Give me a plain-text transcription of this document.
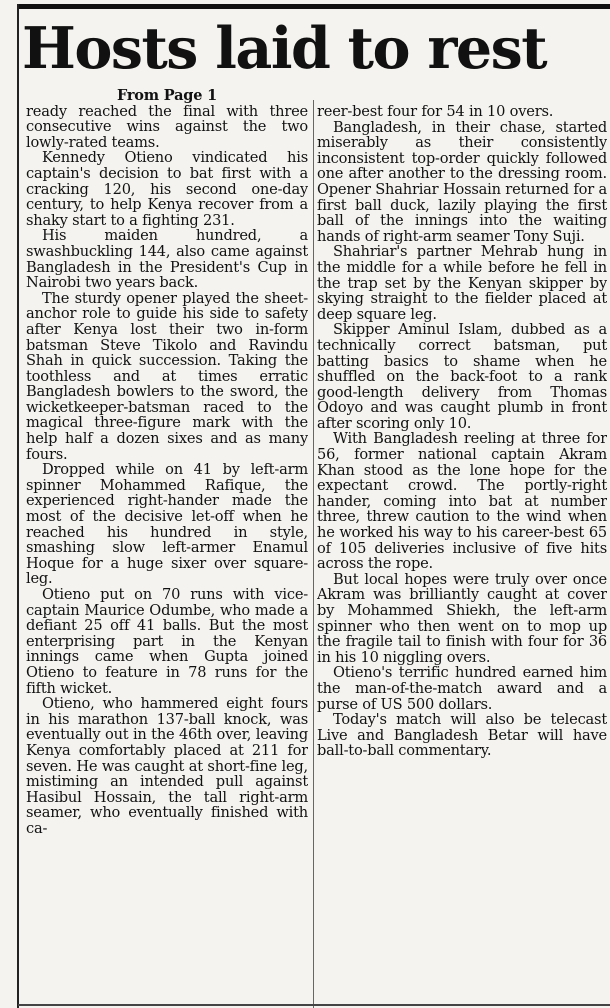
Hosts laid to rest
From Page 1

ready reached the final with three consecutive wins against the two lowly-rated teams.

Kennedy Otieno vindicated his captain's decision to bat first with a cracking 120, his second one-day century, to help Kenya recover from a shaky start to a fighting 231.

His maiden hundred, a swashbuckling 144, also came against Bangladesh in the President's Cup in Nairobi two years back.

The sturdy opener played the sheet-anchor role to guide his side to safety after Kenya lost their two in-form batsman Steve Tikolo and Ravindu Shah in quick succession. Taking the toothless and at times erratic Bangladesh bowlers to the sword, the wicketkeeper-batsman raced to the magical three-figure mark with the help half a dozen sixes and as many fours.

Dropped while on 41 by left-arm spinner Mohammed Rafique, the experienced right-hander made the most of the decisive let-off when he reached his hundred in style, smashing slow left-armer Enamul Hoque for a huge sixer over square-leg.

Otieno put on 70 runs with vice-captain Maurice Odumbe, who made a defiant 25 off 41 balls. But the most enterprising part in the Kenyan innings came when Gupta joined Otieno to feature in 78 runs for the fifth wicket.

Otieno, who hammered eight fours in his marathon 137-ball knock, was eventually out in the 46th over, leaving Kenya comfortably placed at 211 for seven. He was caught at short-fine leg, mistiming an intended pull against Hasibul Hossain, the tall right-arm seamer, who eventually finished with ca-

reer-best four for 54 in 10 overs.

Bangladesh, in their chase, started miserably as their consistently inconsistent top-order quickly followed one after another to the dressing room. Opener Shahriar Hossain returned for a first ball duck, lazily playing the first ball of the innings into the waiting hands of right-arm seamer Tony Suji.

Shahriar's partner Mehrab hung in the middle for a while before he fell in the trap set by the Kenyan skipper by skying straight to the fielder placed at deep square leg.

Skipper Aminul Islam, dubbed as a technically correct batsman, put batting basics to shame when he shuffled on the back-foot to a rank good-length delivery from Thomas Odoyo and was caught plumb in front after scoring only 10.

With Bangladesh reeling at three for 56, former national captain Akram Khan stood as the lone hope for the expectant crowd. The portly-right hander, coming into bat at number three, threw caution to the wind when he worked his way to his career-best 65 of 105 deliveries inclusive of five hits across the rope.

But local hopes were truly over once Akram was brilliantly caught at cover by Mohammed Shiekh, the left-arm spinner who then went on to mop up the fragile tail to finish with four for 36 in his 10 niggling overs.

Otieno's terrific hundred earned him the man-of-the-match award and a purse of US 500 dollars.

Today's match will also be telecast Live and Bangladesh Betar will have ball-to-ball commentary.
